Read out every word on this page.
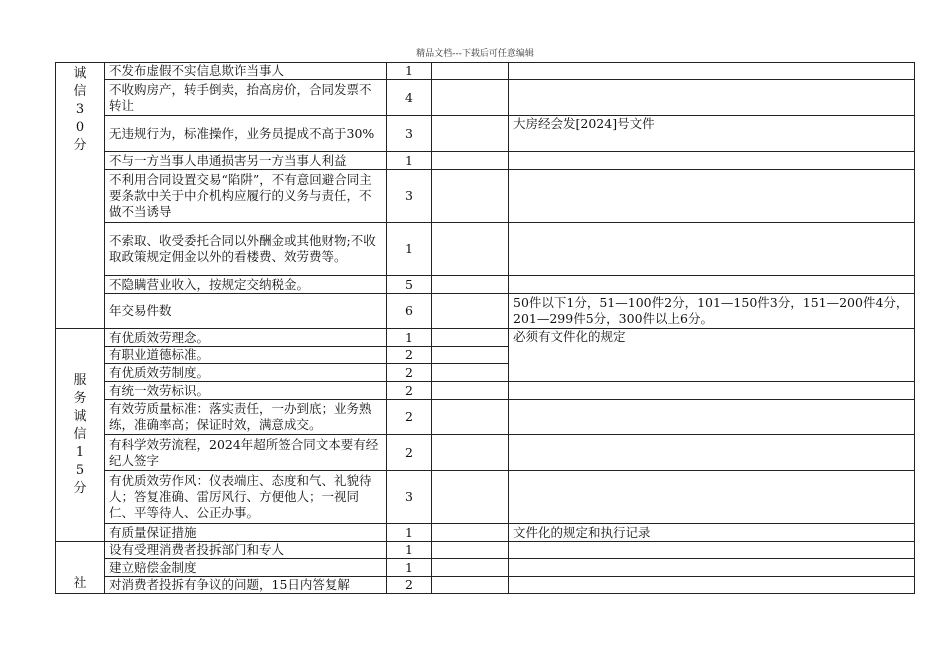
精品文档---下载后可任意编辑
诚信30分	不发布虚假不实信息欺诈当事人	1		
	不收购房产，转手倒卖，抬高房价，合同发票不转让	4		
	无违规行为，标准操作，业务员提成不高于30%	3		大房经会发[2024]号文件
	不与一方当事人串通损害另一方当事人利益	1		
	不利用合同设置交易“陷阱”，不有意回避合同主要条款中关于中介机构应履行的义务与责任，不做不当诱导	3		
	不索取、收受委托合同以外酬金或其他财物;不收取政策规定佣金以外的看楼费、效劳费等。	1		
	不隐瞒营业收入，按规定交纳税金。	5		
	年交易件数	6		50件以下1分，51—100件2分，101—150件3分，151—200件4分，201—299件5分，300件以上6分。
服务诚信15分	有优质效劳理念。	1		必须有文件化的规定
	有职业道德标准。	2		
	有优质效劳制度。	2		
	有统一效劳标识。	2		
	有效劳质量标准：落实责任，一办到底；业务熟练，准确率高；保证时效，满意成交。	2		
	有科学效劳流程，2024年超所签合同文本要有经纪人签字	2		
	有优质效劳作风：仪表端庄、态度和气、礼貌待人；答复准确、雷厉风行、方便他人；一视同仁、平等待人、公正办事。	3		
	有质量保证措施	1		文件化的规定和执行记录
社	设有受理消费者投拆部门和专人	1		
	建立赔偿金制度	1		
	对消费者投拆有争议的问题，15日内答复解	2		
